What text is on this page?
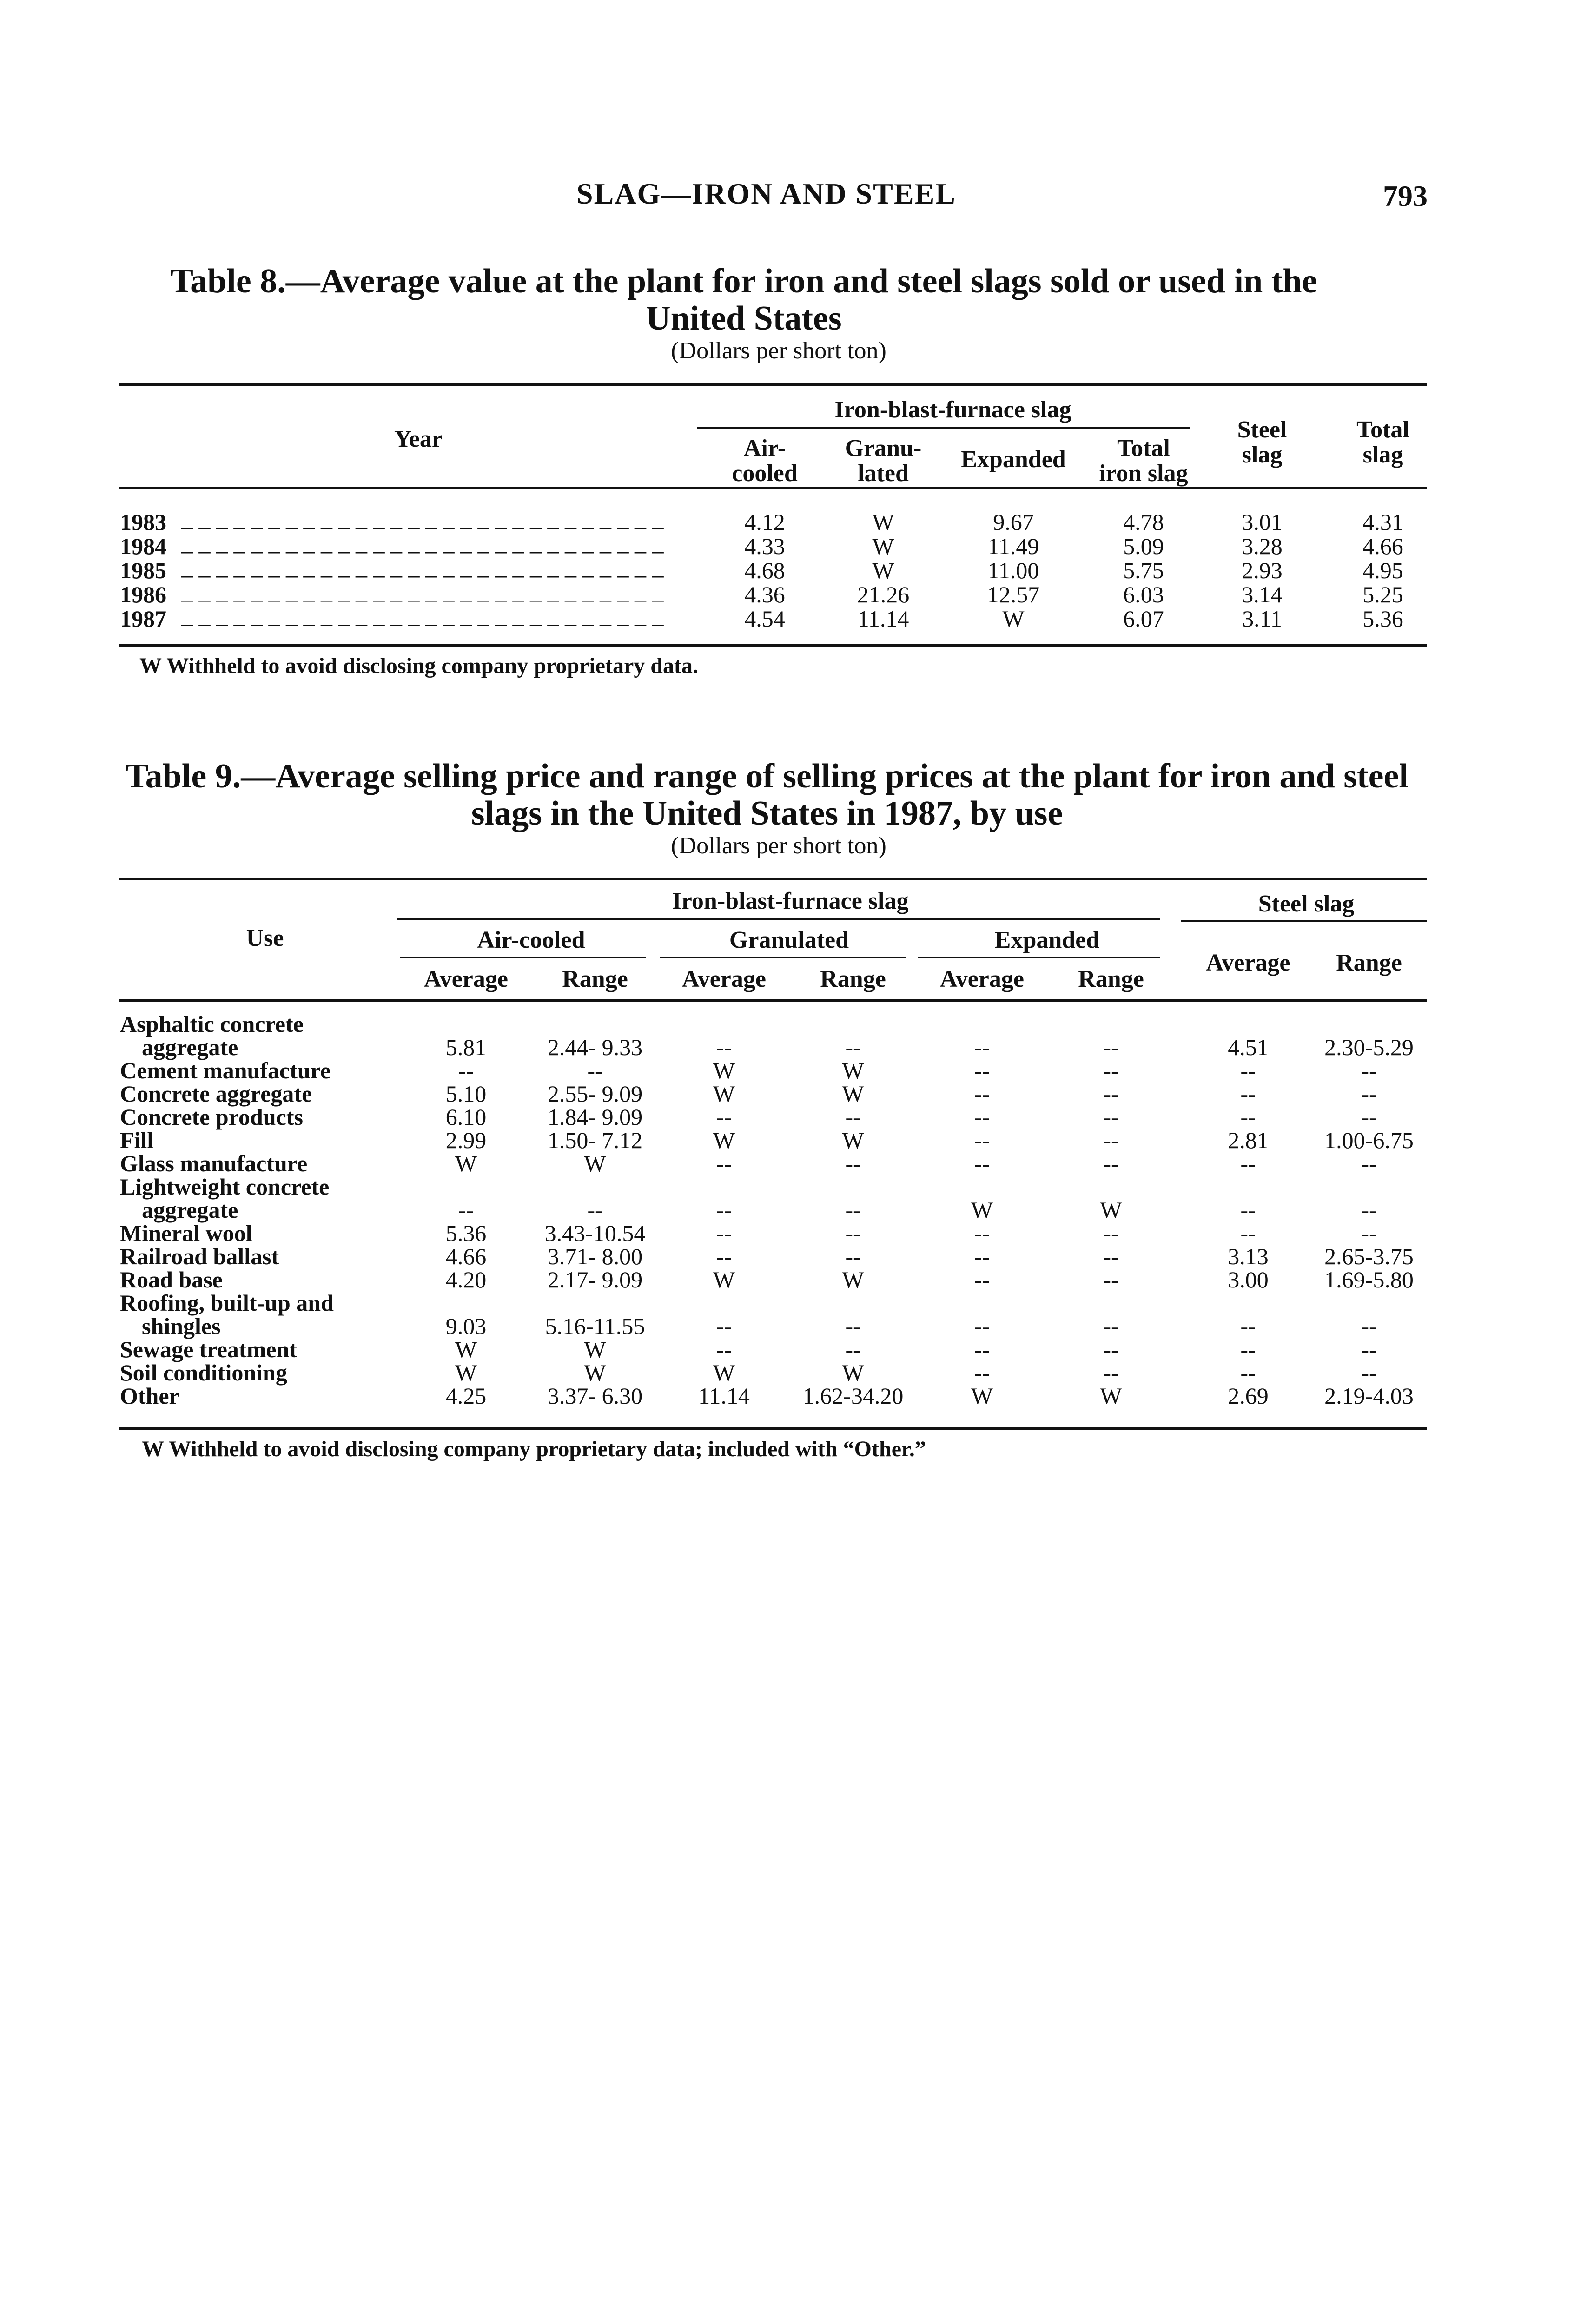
SLAG—IRON AND STEEL	793
Table 8.—Average value at the plant for iron and steel slags sold or used in the
United States
(Dollars per short ton)
Iron-blast-furnace slag
Year	Air-
cooled
Granu-
lated
Expanded	Total
iron slag
Steel
slag
Total
slag
1983 _ _ _ _ _ _ _ _ _ _ _ _ _ _ _ _ _ _ _ _ _ _ _ _ _ _ _ _	4.12	W	9.67	4.78	3.01	4.31
1984 _ _ _ _ _ _ _ _ _ _ _ _ _ _ _ _ _ _ _ _ _ _ _ _ _ _ _ _	4.33	W	11.49	5.09	3.28	4.66
1985 _ _ _ _ _ _ _ _ _ _ _ _ _ _ _ _ _ _ _ _ _ _ _ _ _ _ _ _	4.68	W	11.00	5.75	2.93	4.95
1986 _ _ _ _ _ _ _ _ _ _ _ _ _ _ _ _ _ _ _ _ _ _ _ _ _ _ _ _	4.36	21.26	12.57	6.03	3.14	5.25
1987 _ _ _ _ _ _ _ _ _ _ _ _ _ _ _ _ _ _ _ _ _ _ _ _ _ _ _ _	4.54	11.14	W	6.07	3.11	5.36
W Withheld to avoid disclosing company proprietary data.
Table 9.—Average selling price and range of selling prices at the plant for iron and steel
slags in the United States in 1987, by use
(Dollars per short ton)
Iron-blast-furnace slag	Steel slag
Use	Air-cooled	Granulated	Expanded
Average	Range	Average	Range	Average	Range
Average	Range
Asphaltic concrete
aggregate	5.81	2.44- 9.33	--	--	--	--	4.51	2.30-5.29
Cement manufacture	--	--	W	W	--	--	--	--
Concrete aggregate	5.10	2.55- 9.09	W	W	--	--	--	--
Concrete products	6.10	1.84- 9.09	--	--	--	--	--	--
Fill	2.99	1.50- 7.12	W	W	--	--	2.81	1.00-6.75
Glass manufacture	W	W	--	--	--	--	--	--
Lightweight concrete
aggregate	--	--	--	--	W	W	--	--
Mineral wool	5.36	3.43-10.54	--	--	--	--	--	--
Railroad ballast	4.66	3.71- 8.00	--	--	--	--	3.13	2.65-3.75
Road base	4.20	2.17- 9.09	W	W	--	--	3.00	1.69-5.80
Roofing, built-up and
shingles	9.03	5.16-11.55	--	--	--	--	--	--
Sewage treatment	W	W	--	--	--	--	--	--
Soil conditioning	W	W	W	W	--	--	--	--
Other	4.25	3.37- 6.30	11.14	1.62-34.20	W	W	2.69	2.19-4.03
W Withheld to avoid disclosing company proprietary data; included with “Other.”
